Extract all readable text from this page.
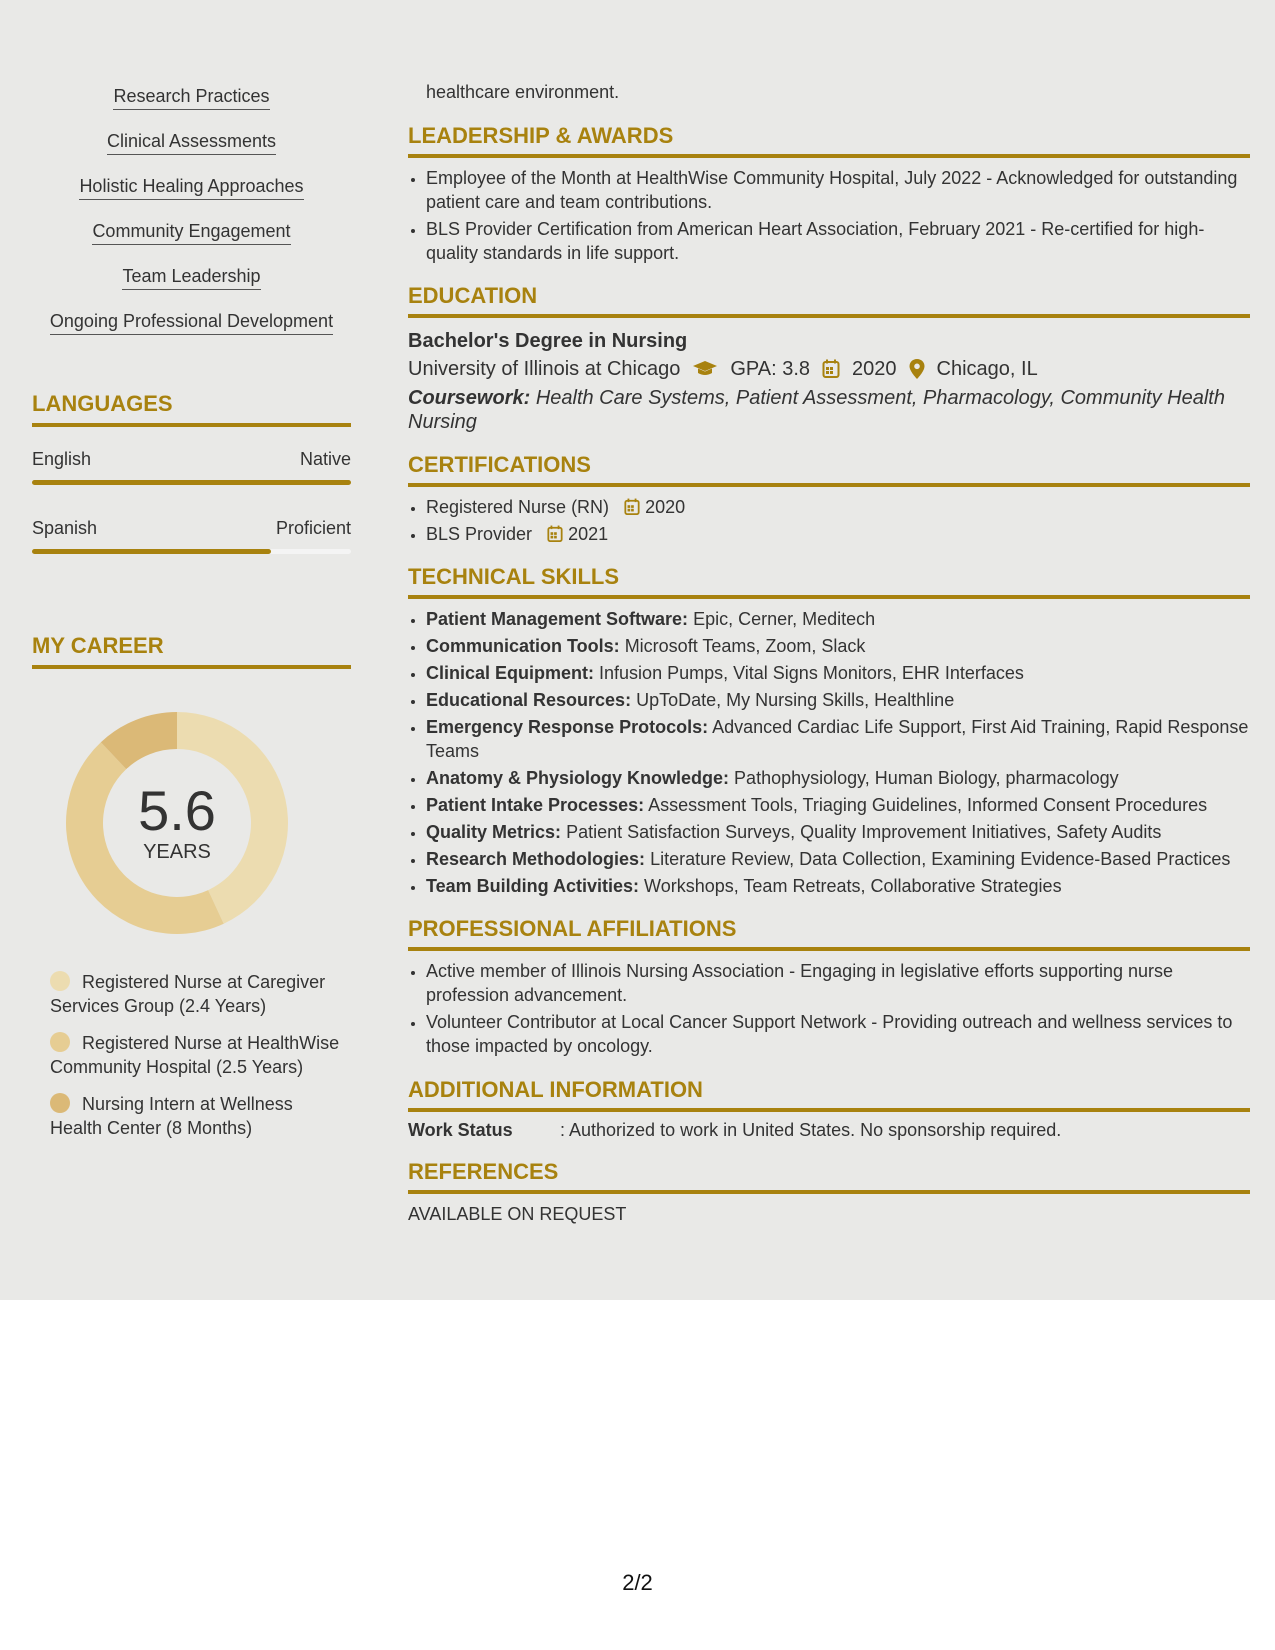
Research Practices
Clinical Assessments
Holistic Healing Approaches
Community Engagement
Team Leadership
Ongoing Professional Development
LANGUAGES
English	Native
Spanish	Proficient
MY CAREER
5.6
YEARS
Registered Nurse at Caregiver Services Group (2.4 Years)
Registered Nurse at HealthWise Community Hospital (2.5 Years)
Nursing Intern at Wellness Health Center (8 Months)
healthcare environment.
LEADERSHIP & AWARDS
• Employee of the Month at HealthWise Community Hospital, July 2022 - Acknowledged for outstanding patient care and team contributions.
• BLS Provider Certification from American Heart Association, February 2021 - Re-certified for high-quality standards in life support.
EDUCATION
Bachelor's Degree in Nursing
University of Illinois at Chicago	GPA: 3.8 2020 Chicago, IL
Coursework: Health Care Systems, Patient Assessment, Pharmacology, Community Health Nursing
CERTIFICATIONS
• Registered Nurse (RN) 2020
• BLS Provider 2021
TECHNICAL SKILLS
• Patient Management Software: Epic, Cerner, Meditech
• Communication Tools: Microsoft Teams, Zoom, Slack
• Clinical Equipment: Infusion Pumps, Vital Signs Monitors, EHR Interfaces
• Educational Resources: UpToDate, My Nursing Skills, Healthline
• Emergency Response Protocols: Advanced Cardiac Life Support, First Aid Training, Rapid Response Teams
• Anatomy & Physiology Knowledge: Pathophysiology, Human Biology, pharmacology
• Patient Intake Processes: Assessment Tools, Triaging Guidelines, Informed Consent Procedures
• Quality Metrics: Patient Satisfaction Surveys, Quality Improvement Initiatives, Safety Audits
• Research Methodologies: Literature Review, Data Collection, Examining Evidence-Based Practices
• Team Building Activities: Workshops, Team Retreats, Collaborative Strategies
PROFESSIONAL AFFILIATIONS
• Active member of Illinois Nursing Association - Engaging in legislative efforts supporting nurse profession advancement.
• Volunteer Contributor at Local Cancer Support Network - Providing outreach and wellness services to those impacted by oncology.
ADDITIONAL INFORMATION
Work Status	: Authorized to work in United States. No sponsorship required.
REFERENCES
AVAILABLE ON REQUEST
2/2
